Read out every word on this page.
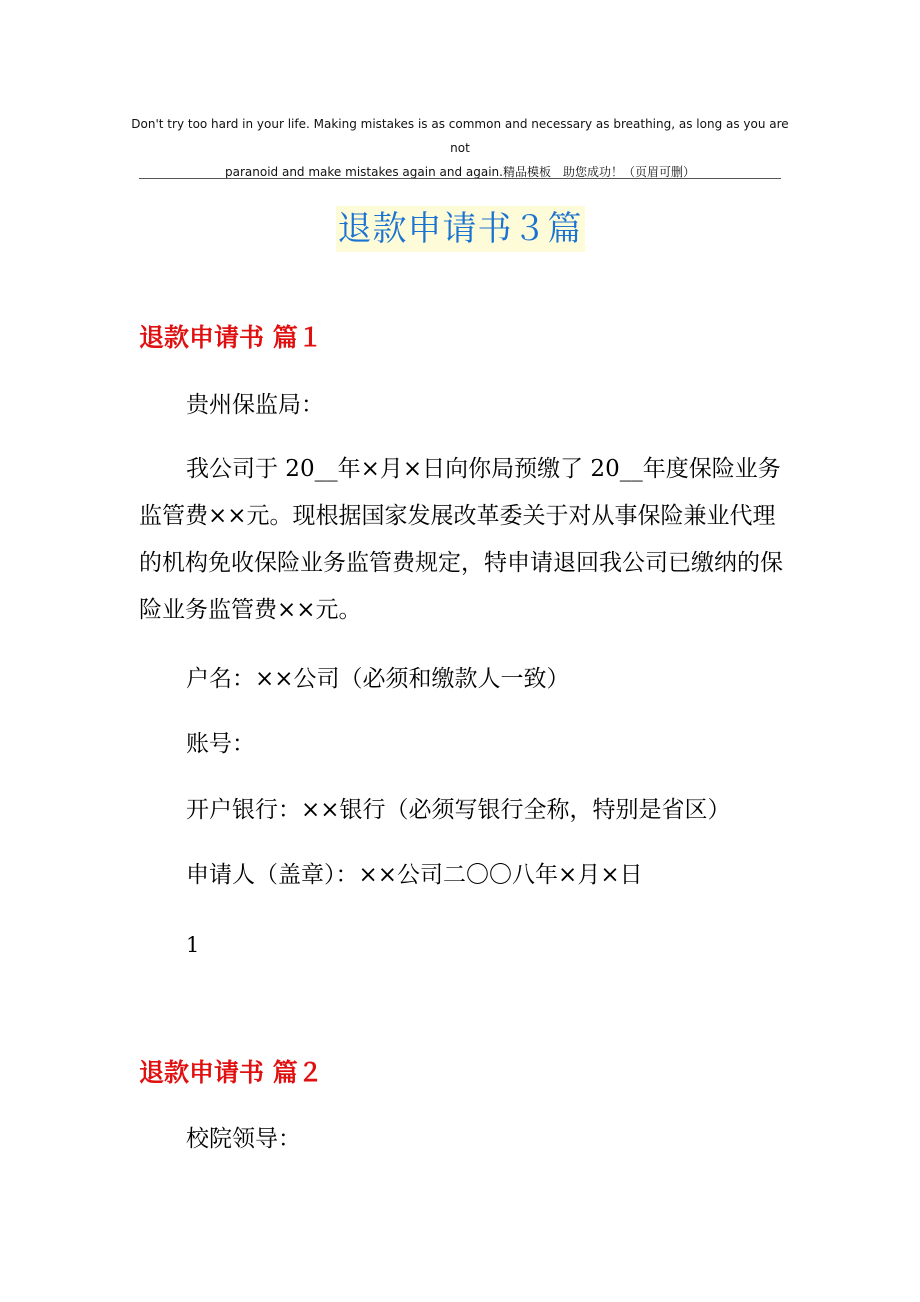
Don't try too hard in your life. Making mistakes is as common and necessary as breathing, as long as you are not
paranoid and make mistakes again and again.精品模板　助您成功！（页眉可删）
退款申请书３篇
退款申请书 篇１
贵州保监局：
我公司于 20__年×月×日向你局预缴了 20__年度保险业务监管费××元。现根据国家发展改革委关于对从事保险兼业代理的机构免收保险业务监管费规定，特申请退回我公司已缴纳的保险业务监管费××元。
户名：××公司（必须和缴款人一致）
账号：
开户银行：××银行（必须写银行全称，特别是省区）
申请人（盖章）：××公司二〇〇八年×月×日
1
退款申请书 篇２
校院领导：
